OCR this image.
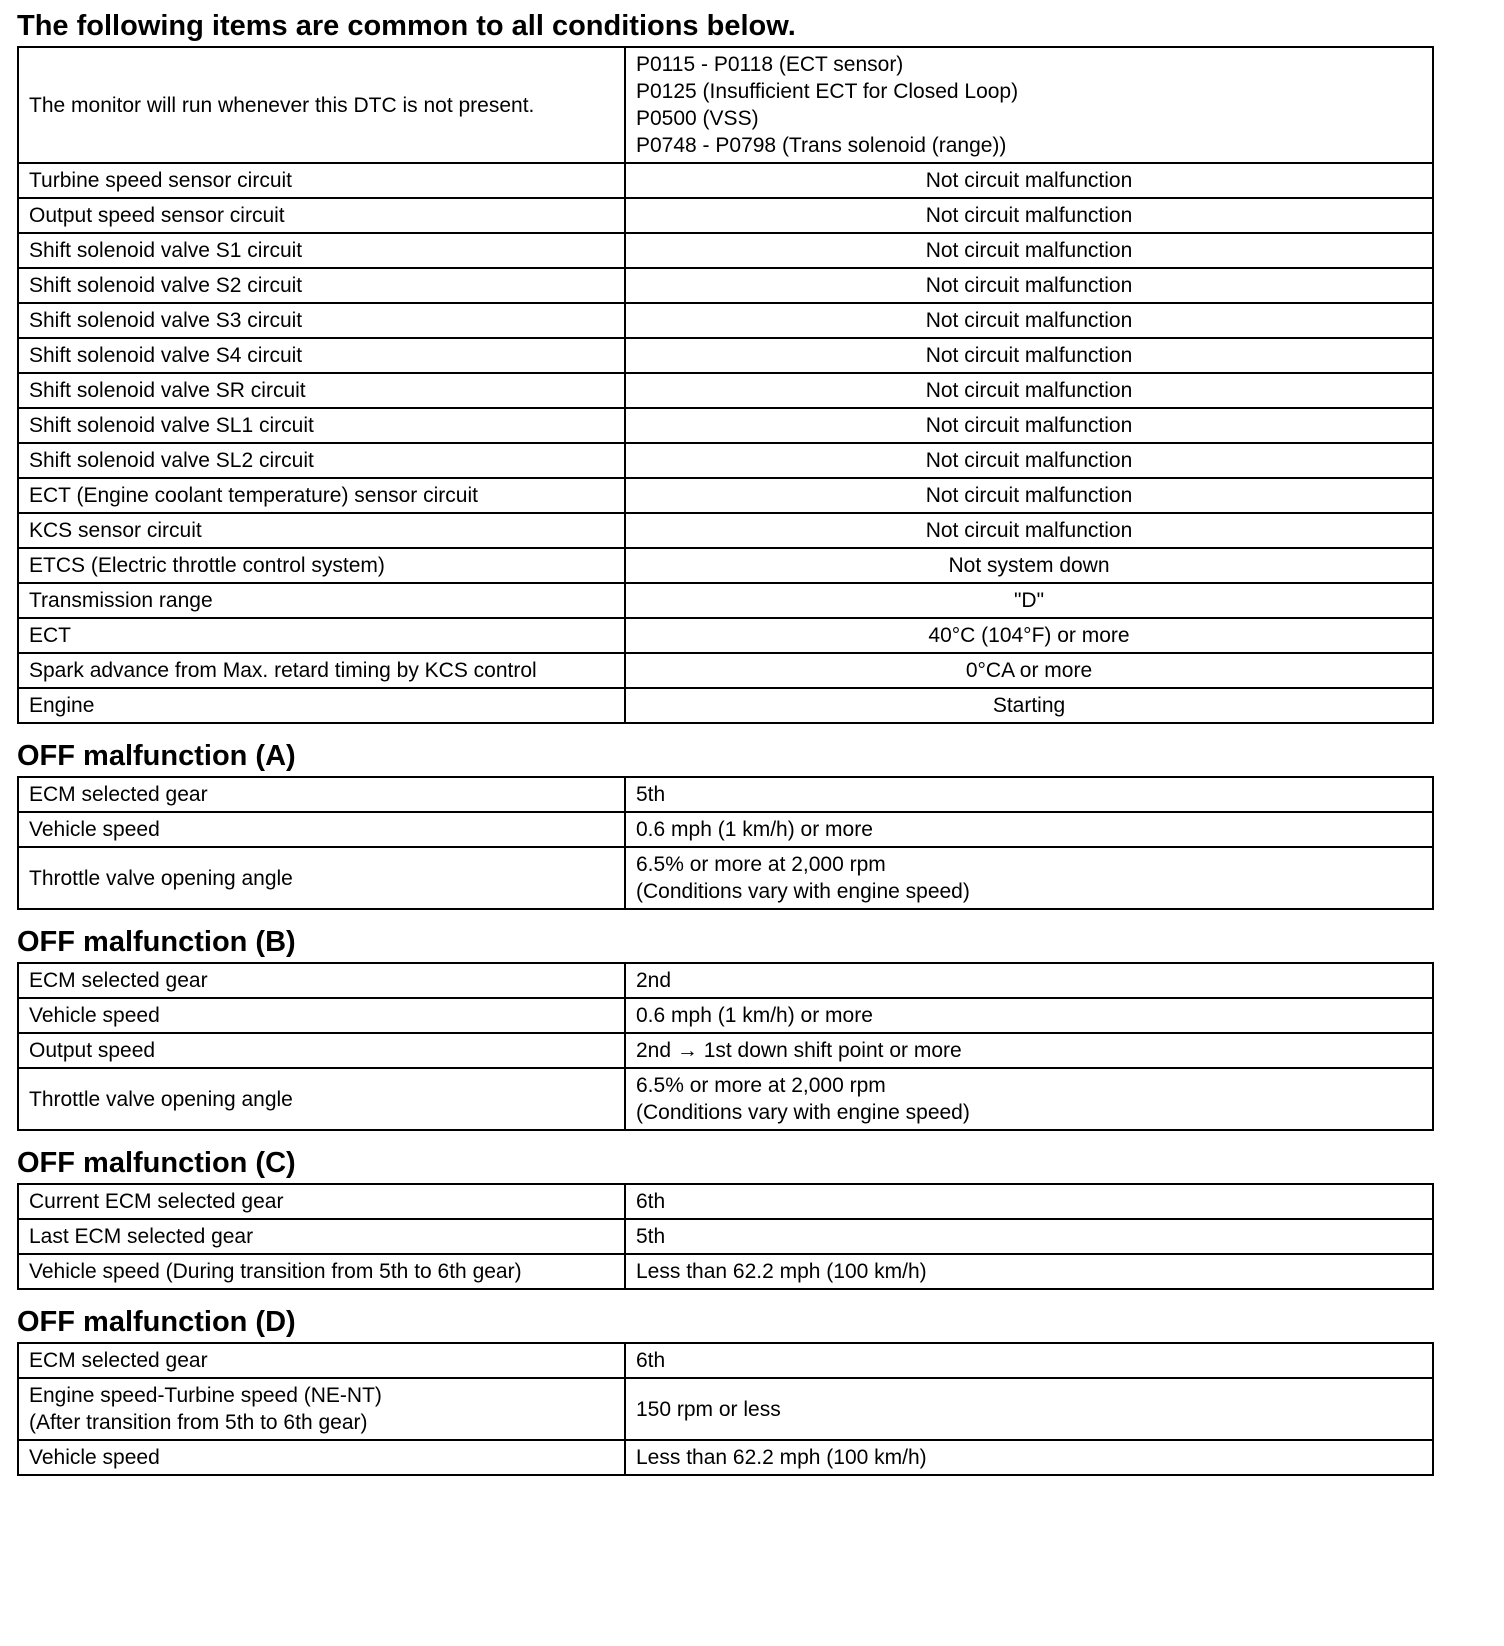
The following items are common to all conditions below.
The monitor will run whenever this DTC is not present.	P0115 - P0118 (ECT sensor)
P0125 (Insufficient ECT for Closed Loop)
P0500 (VSS)
P0748 - P0798 (Trans solenoid (range))

Turbine speed sensor circuit	Not circuit malfunction

Output speed sensor circuit	Not circuit malfunction

Shift solenoid valve S1 circuit	Not circuit malfunction

Shift solenoid valve S2 circuit	Not circuit malfunction

Shift solenoid valve S3 circuit	Not circuit malfunction

Shift solenoid valve S4 circuit	Not circuit malfunction

Shift solenoid valve SR circuit	Not circuit malfunction

Shift solenoid valve SL1 circuit	Not circuit malfunction

Shift solenoid valve SL2 circuit	Not circuit malfunction

ECT (Engine coolant temperature) sensor circuit	Not circuit malfunction

KCS sensor circuit	Not circuit malfunction

ETCS (Electric throttle control system)	Not system down

Transmission range	"D"

ECT	40°C (104°F) or more

Spark advance from Max. retard timing by KCS control	0°CA or more

Engine	Starting
OFF malfunction (A)
ECM selected gear	5th

Vehicle speed	0.6 mph (1 km/h) or more

Throttle valve opening angle	6.5% or more at 2,000 rpm
(Conditions vary with engine speed)
OFF malfunction (B)
ECM selected gear	2nd

Vehicle speed	0.6 mph (1 km/h) or more

Output speed	2nd → 1st down shift point or more

Throttle valve opening angle	6.5% or more at 2,000 rpm
(Conditions vary with engine speed)
OFF malfunction (C)
Current ECM selected gear	6th

Last ECM selected gear	5th

Vehicle speed (During transition from 5th to 6th gear)	Less than 62.2 mph (100 km/h)
OFF malfunction (D)
ECM selected gear	6th

Engine speed-Turbine speed (NE-NT)
(After transition from 5th to 6th gear)	150 rpm or less

Vehicle speed	Less than 62.2 mph (100 km/h)
